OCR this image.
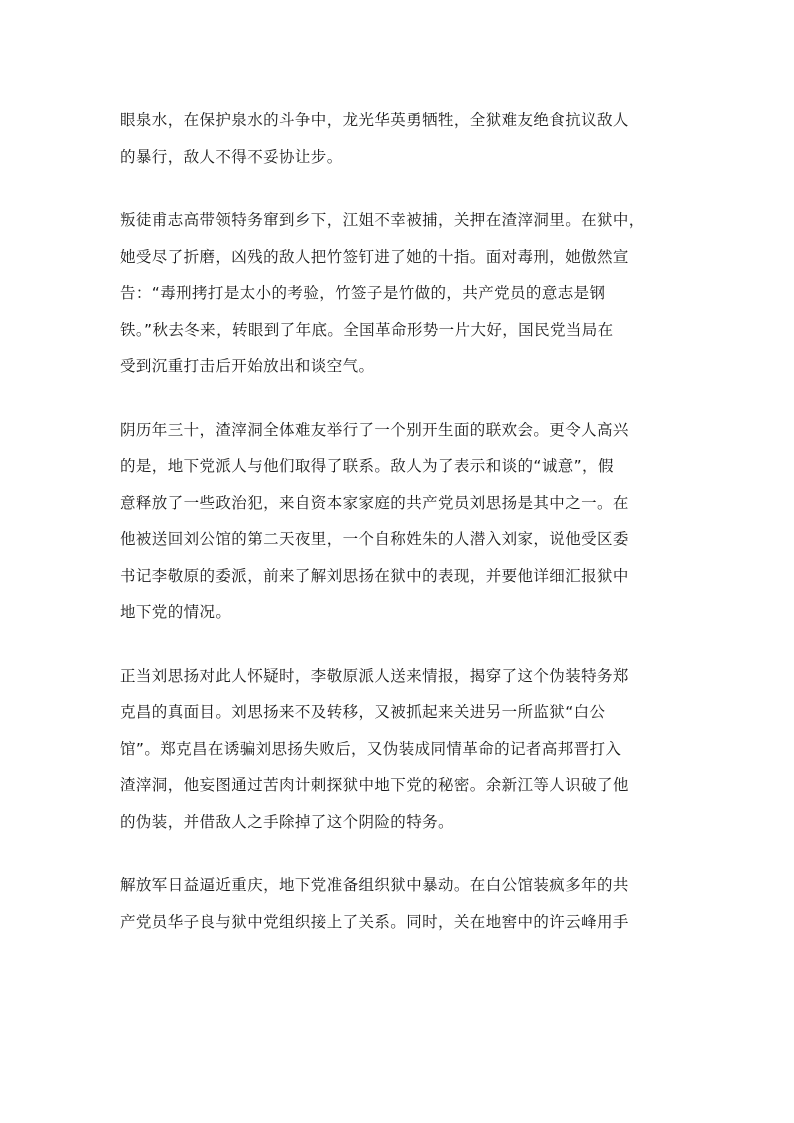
眼泉水，在保护泉水的斗争中，龙光华英勇牺牲，全狱难友绝食抗议敌人
的暴行，敌人不得不妥协让步。

叛徒甫志高带领特务窜到乡下，江姐不幸被捕，关押在渣滓洞里。在狱中，
她受尽了折磨，凶残的敌人把竹签钉进了她的十指。面对毒刑，她傲然宣
告：“毒刑拷打是太小的考验，竹签子是竹做的，共产党员的意志是钢
铁。”秋去冬来，转眼到了年底。全国革命形势一片大好，国民党当局在
受到沉重打击后开始放出和谈空气。

阴历年三十，渣滓洞全体难友举行了一个别开生面的联欢会。更令人高兴
的是，地下党派人与他们取得了联系。敌人为了表示和谈的“诚意”，假
意释放了一些政治犯，来自资本家家庭的共产党员刘思扬是其中之一。在
他被送回刘公馆的第二天夜里，一个自称姓朱的人潜入刘家，说他受区委
书记李敬原的委派，前来了解刘思扬在狱中的表现，并要他详细汇报狱中
地下党的情况。

正当刘思扬对此人怀疑时，李敬原派人送来情报，揭穿了这个伪装特务郑
克昌的真面目。刘思扬来不及转移，又被抓起来关进另一所监狱“白公
馆”。郑克昌在诱骗刘思扬失败后，又伪装成同情革命的记者高邦晋打入
渣滓洞，他妄图通过苦肉计刺探狱中地下党的秘密。余新江等人识破了他
的伪装，并借敌人之手除掉了这个阴险的特务。

解放军日益逼近重庆，地下党准备组织狱中暴动。在白公馆装疯多年的共
产党员华子良与狱中党组织接上了关系。同时，关在地窖中的许云峰用手
